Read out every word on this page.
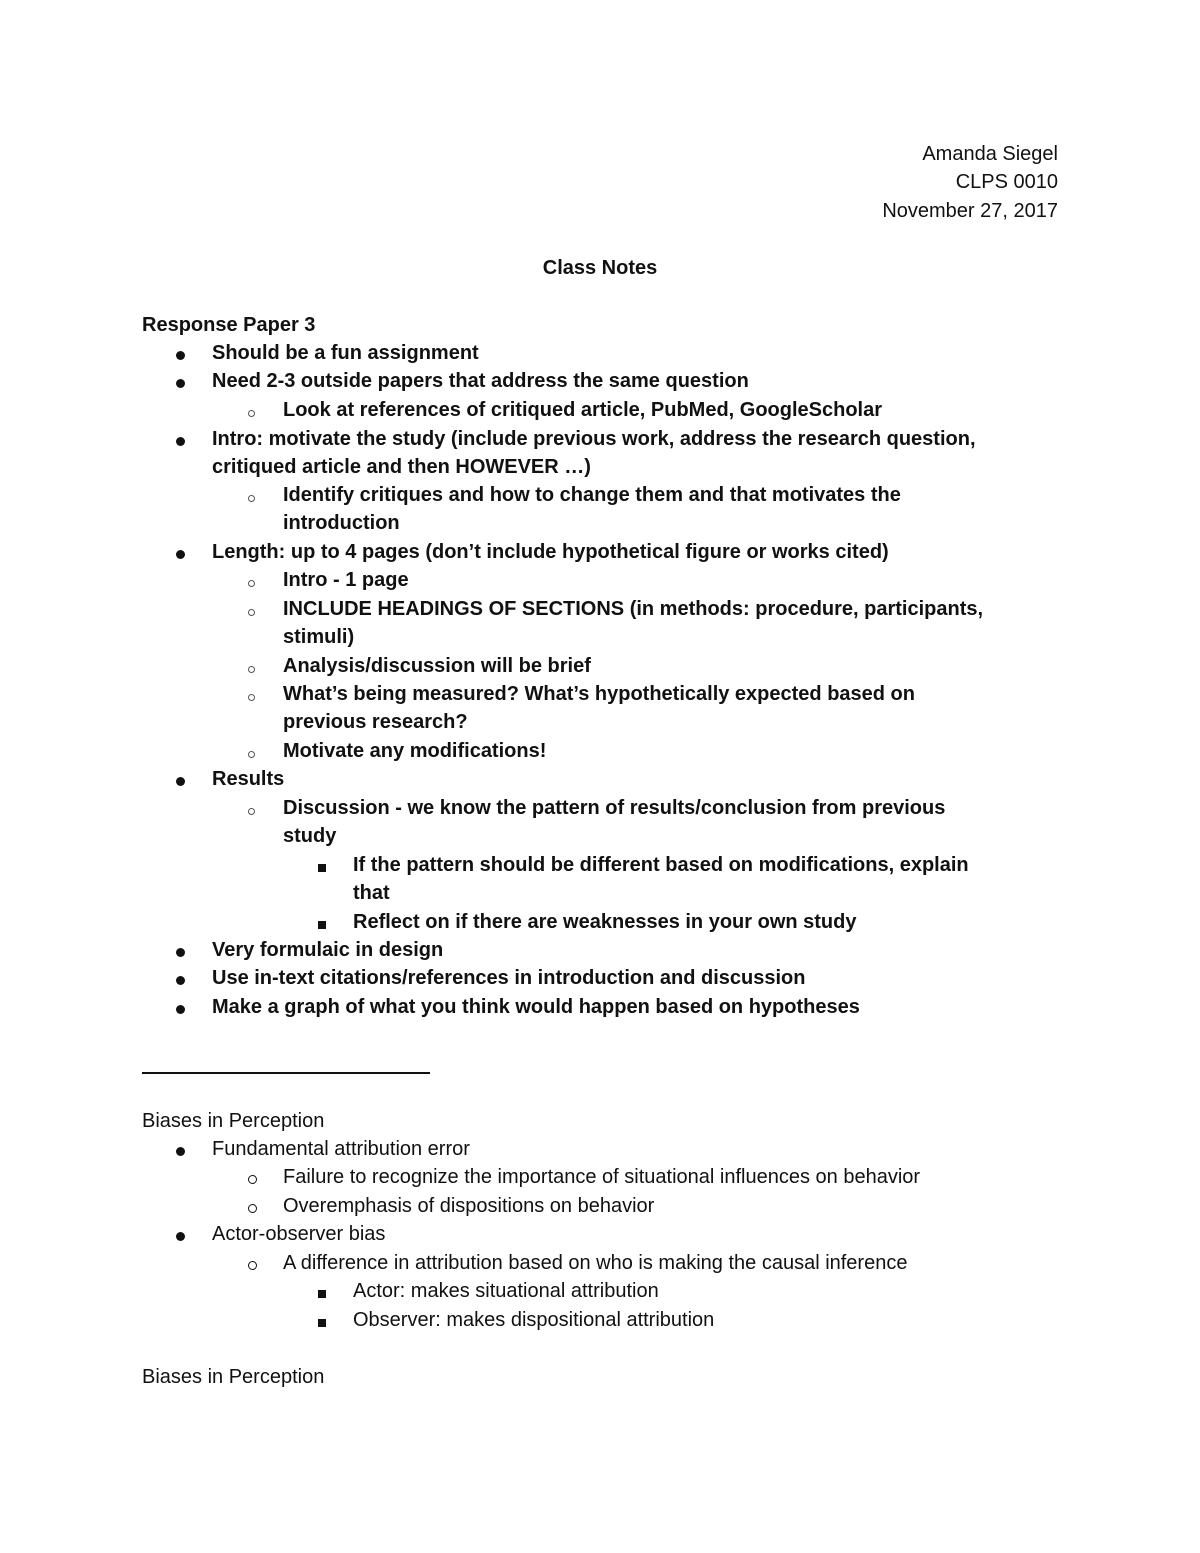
Amanda Siegel
CLPS 0010
November 27, 2017
Class Notes
Response Paper 3
Should be a fun assignment
Need 2-3 outside papers that address the same question
Look at references of critiqued article, PubMed, GoogleScholar
Intro: motivate the study (include previous work, address the research question,
critiqued article and then HOWEVER …)
Identify critiques and how to change them and that motivates the
introduction
Length: up to 4 pages (don’t include hypothetical figure or works cited)
Intro - 1 page
INCLUDE HEADINGS OF SECTIONS (in methods: procedure, participants,
stimuli)
Analysis/discussion will be brief
What’s being measured? What’s hypothetically expected based on
previous research?
Motivate any modifications!
Results
Discussion - we know the pattern of results/conclusion from previous
study
If the pattern should be different based on modifications, explain
that
Reflect on if there are weaknesses in your own study
Very formulaic in design
Use in-text citations/references in introduction and discussion
Make a graph of what you think would happen based on hypotheses
Biases in Perception
Fundamental attribution error
Failure to recognize the importance of situational influences on behavior
Overemphasis of dispositions on behavior
Actor-observer bias
A difference in attribution based on who is making the causal inference
Actor: makes situational attribution
Observer: makes dispositional attribution
Biases in Perception
